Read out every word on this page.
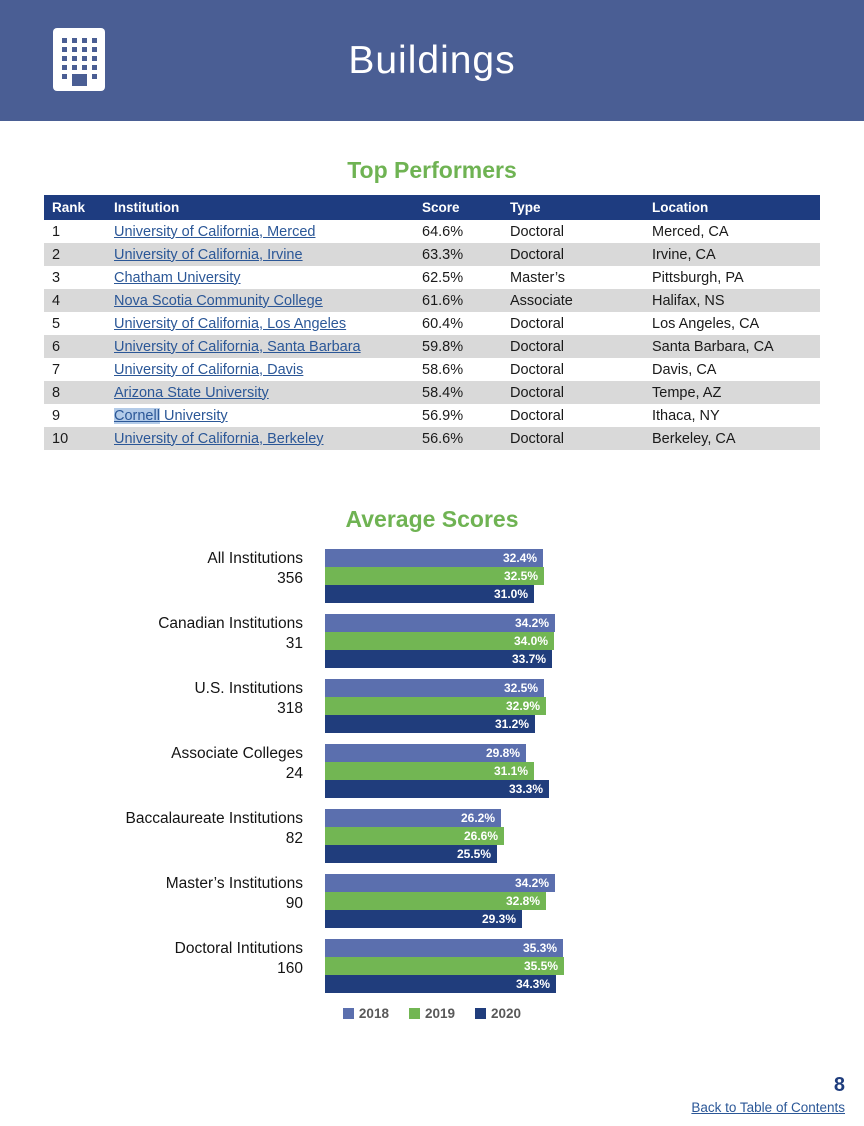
Buildings
Top Performers
Rank	Institution	Score	Type	Location
1	University of California, Merced	64.6%	Doctoral	Merced, CA
2	University of California, Irvine	63.3%	Doctoral	Irvine, CA
3	Chatham University	62.5%	Master’s	Pittsburgh, PA
4	Nova Scotia Community College	61.6%	Associate	Halifax, NS
5	University of California, Los Angeles	60.4%	Doctoral	Los Angeles, CA
6	University of California, Santa Barbara	59.8%	Doctoral	Santa Barbara, CA
7	University of California, Davis	58.6%	Doctoral	Davis, CA
8	Arizona State University	58.4%	Doctoral	Tempe, AZ
9	Cornell University	56.9%	Doctoral	Ithaca, NY
10	University of California, Berkeley	56.6%	Doctoral	Berkeley, CA
Average Scores
All Institutions
356
32.4%
32.5%
31.0%
Canadian Institutions
31
34.2%
34.0%
33.7%
U.S. Institutions
318
32.5%
32.9%
31.2%
Associate Colleges
24
29.8%
31.1%
33.3%
Baccalaureate Institutions
82
26.2%
26.6%
25.5%
Master’s Institutions
90
34.2%
32.8%
29.3%
Doctoral Intitutions
160
35.3%
35.5%
34.3%
2018	2019	2020
8
Back to Table of Contents
